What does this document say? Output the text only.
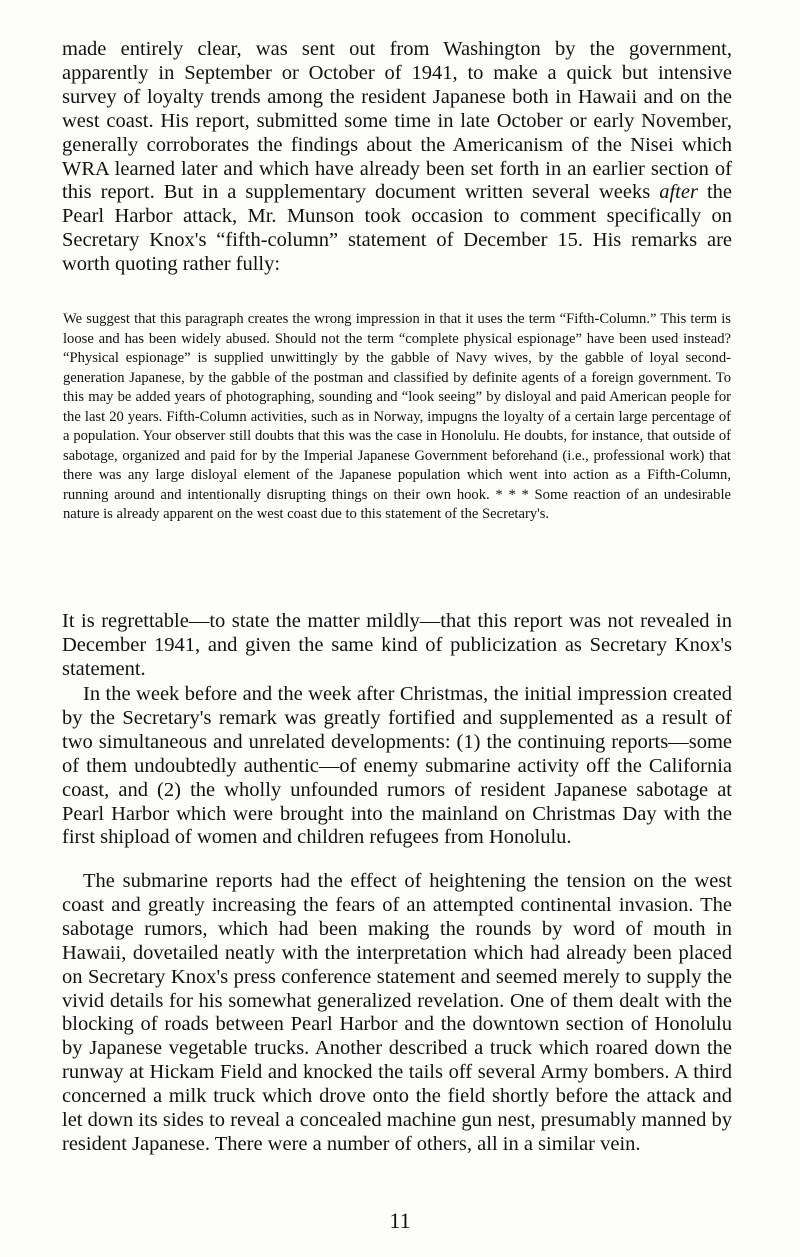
made entirely clear, was sent out from Washington by the government, apparently in September or October of 1941, to make a quick but intensive survey of loyalty trends among the resident Japanese both in Hawaii and on the west coast. His report, submitted some time in late October or early November, generally corroborates the findings about the Americanism of the Nisei which WRA learned later and which have already been set forth in an earlier section of this report. But in a supplementary document written several weeks after the Pearl Harbor attack, Mr. Munson took occasion to comment specifically on Secretary Knox's “fifth-column” statement of December 15. His remarks are worth quoting rather fully:

We suggest that this paragraph creates the wrong impression in that it uses the term “Fifth-Column.” This term is loose and has been widely abused. Should not the term “complete physical espionage” have been used instead? “Physical espionage” is supplied unwittingly by the gabble of Navy wives, by the gabble of loyal second-generation Japanese, by the gabble of the postman and classified by definite agents of a foreign government. To this may be added years of photographing, sounding and “look seeing” by disloyal and paid American people for the last 20 years. Fifth-Column activities, such as in Norway, impugns the loyalty of a certain large percentage of a population. Your observer still doubts that this was the case in Honolulu. He doubts, for instance, that outside of sabotage, organized and paid for by the Imperial Japanese Government beforehand (i.e., professional work) that there was any large disloyal element of the Japanese population which went into action as a Fifth-Column, running around and intentionally disrupting things on their own hook. * * * Some reaction of an undesirable nature is already apparent on the west coast due to this statement of the Secretary's.

It is regrettable—to state the matter mildly—that this report was not revealed in December 1941, and given the same kind of publicization as Secretary Knox's statement.

In the week before and the week after Christmas, the initial impression created by the Secretary's remark was greatly fortified and supplemented as a result of two simultaneous and unrelated developments: (1) the continuing reports—some of them undoubtedly authentic—of enemy submarine activity off the California coast, and (2) the wholly unfounded rumors of resident Japanese sabotage at Pearl Harbor which were brought into the mainland on Christmas Day with the first shipload of women and children refugees from Honolulu.

The submarine reports had the effect of heightening the tension on the west coast and greatly increasing the fears of an attempted continental invasion. The sabotage rumors, which had been making the rounds by word of mouth in Hawaii, dovetailed neatly with the interpretation which had already been placed on Secretary Knox's press conference statement and seemed merely to supply the vivid details for his somewhat generalized revelation. One of them dealt with the blocking of roads between Pearl Harbor and the downtown section of Honolulu by Japanese vegetable trucks. Another described a truck which roared down the runway at Hickam Field and knocked the tails off several Army bombers. A third concerned a milk truck which drove onto the field shortly before the attack and let down its sides to reveal a concealed machine gun nest, presumably manned by resident Japanese. There were a number of others, all in a similar vein.

11
